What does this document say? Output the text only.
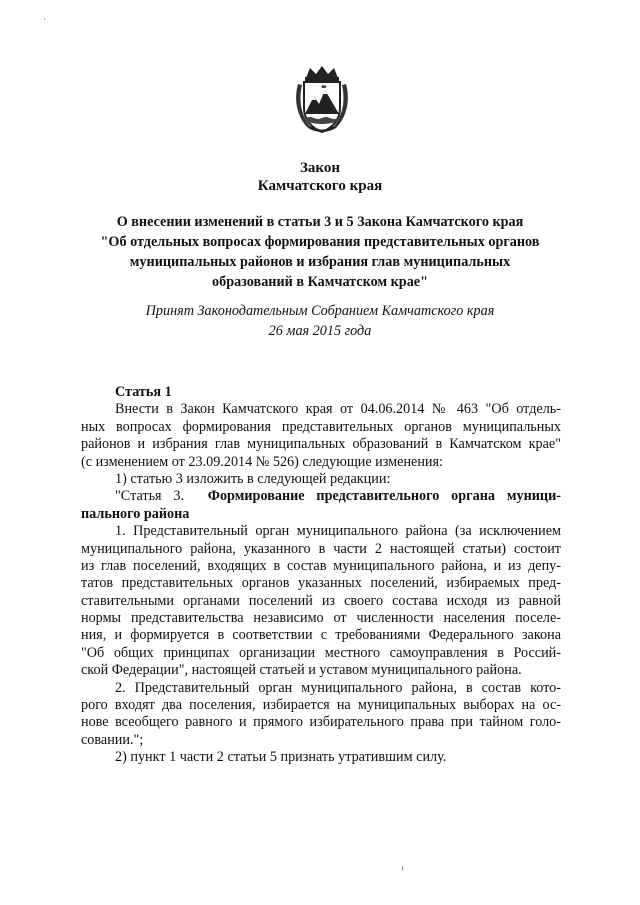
Закон
Камчатского края
О внесении изменений в статьи 3 и 5 Закона Камчатского края
"Об отдельных вопросах формирования представительных органов
муниципальных районов и избрания глав муниципальных
образований в Камчатском крае"
Принят Законодательным Собранием Камчатского края
26 мая 2015 года
Статья 1
Внести в Закон Камчатского края от 04.06.2014 № 463 "Об отдель-
ных вопросах формирования представительных органов муниципальных
районов и избрания глав муниципальных образований в Камчатском крае"
(с изменением от 23.09.2014 № 526) следующие изменения:
1) статью 3 изложить в следующей редакции:
"Статья 3. Формирование представительного органа муници-
пального района
1. Представительный орган муниципального района (за исключением
муниципального района, указанного в части 2 настоящей статьи) состоит
из глав поселений, входящих в состав муниципального района, и из депу-
татов представительных органов указанных поселений, избираемых пред-
ставительными органами поселений из своего состава исходя из равной
нормы представительства независимо от численности населения поселе-
ния, и формируется в соответствии с требованиями Федерального закона
"Об общих принципах организации местного самоуправления в Россий-
ской Федерации", настоящей статьей и уставом муниципального района.
2. Представительный орган муниципального района, в состав кото-
рого входят два поселения, избирается на муниципальных выборах на ос-
нове всеобщего равного и прямого избирательного права при тайном голо-
совании.";
2) пункт 1 части 2 статьи 5 признать утратившим силу.
